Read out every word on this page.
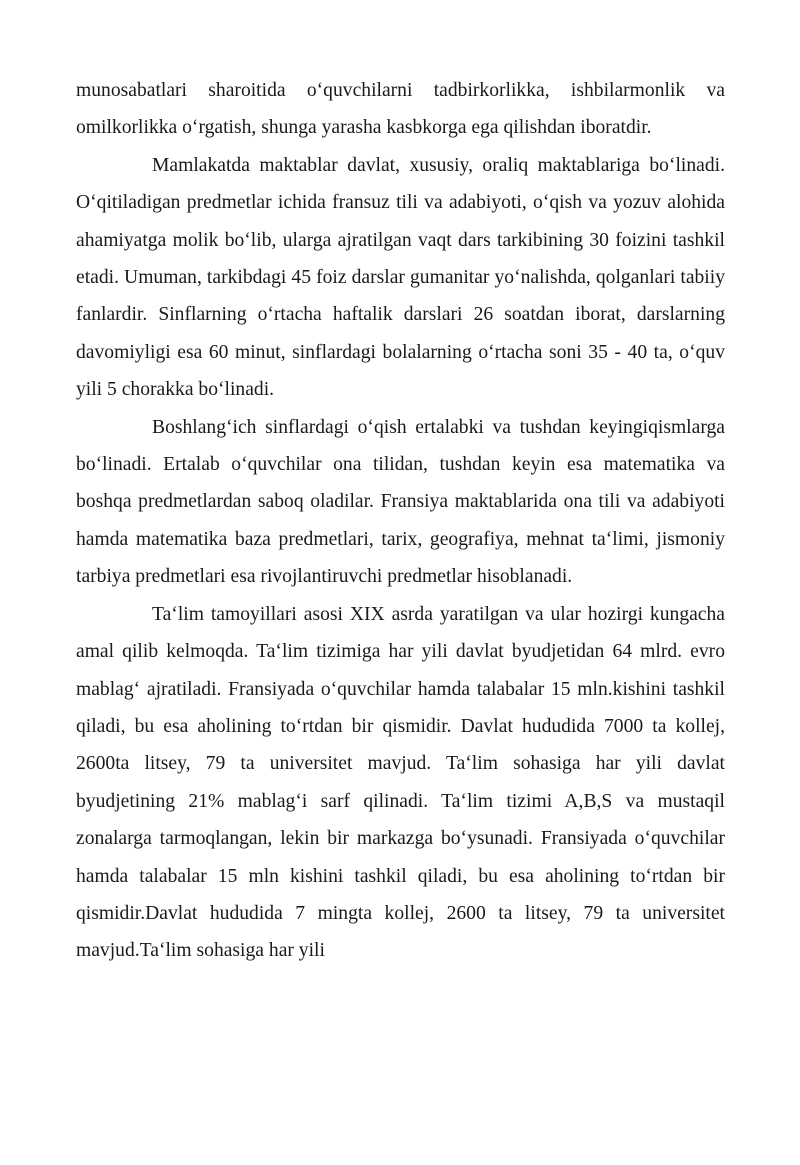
munosabatlari sharoitida o‘quvchilarni tadbirkorlikka, ishbilarmonlik va omilkorlikka o‘rgatish, shunga yarasha kasbkorga ega qilishdan iboratdir.

Mamlakatda maktablar davlat, xususiy, oraliq maktablariga bo‘linadi. O‘qitiladigan predmetlar ichida fransuz tili va adabiyoti, o‘qish va yozuv alohida ahamiyatga molik bo‘lib, ularga ajratilgan vaqt dars tarkibining 30 foizini tashkil etadi. Umuman, tarkibdagi 45 foiz darslar gumanitar yo‘nalishda, qolganlari tabiiy fanlardir. Sinflarning o‘rtacha haftalik darslari 26 soatdan iborat, darslarning davomiyligi esa 60 minut, sinflardagi bolalarning o‘rtacha soni 35 - 40 ta, o‘quv yili 5 chorakka bo‘linadi.

Boshlang‘ich sinflardagi o‘qish ertalabki va tushdan keyingiqismlarga bo‘linadi. Ertalab o‘quvchilar ona tilidan, tushdan keyin esa matematika va boshqa predmetlardan saboq oladilar. Fransiya maktablarida ona tili va adabiyoti hamda matematika baza predmetlari, tarix, geografiya, mehnat ta‘limi, jismoniy tarbiya predmetlari esa rivojlantiruvchi predmetlar hisoblanadi.

Ta‘lim tamoyillari asosi XIX asrda yaratilgan va ular hozirgi kungacha amal qilib kelmoqda. Ta‘lim tizimiga har yili davlat byudjetidan 64 mlrd. evro mablag‘ ajratiladi. Fransiyada o‘quvchilar hamda talabalar 15 mln.kishini tashkil qiladi, bu esa aholining to‘rtdan bir qismidir. Davlat hududida 7000 ta kollej, 2600ta litsey, 79 ta universitet mavjud. Ta‘lim sohasiga har yili davlat byudjetining 21% mablag‘i sarf qilinadi. Ta‘lim tizimi A,B,S va mustaqil zonalarga tarmoqlangan, lekin bir markazga bo‘ysunadi. Fransiyada o‘quvchilar hamda talabalar 15 mln kishini tashkil qiladi, bu esa aholining to‘rtdan bir qismidir.Davlat hududida 7 mingta kollej, 2600 ta litsey, 79 ta universitet mavjud.Ta‘lim sohasiga har yili
